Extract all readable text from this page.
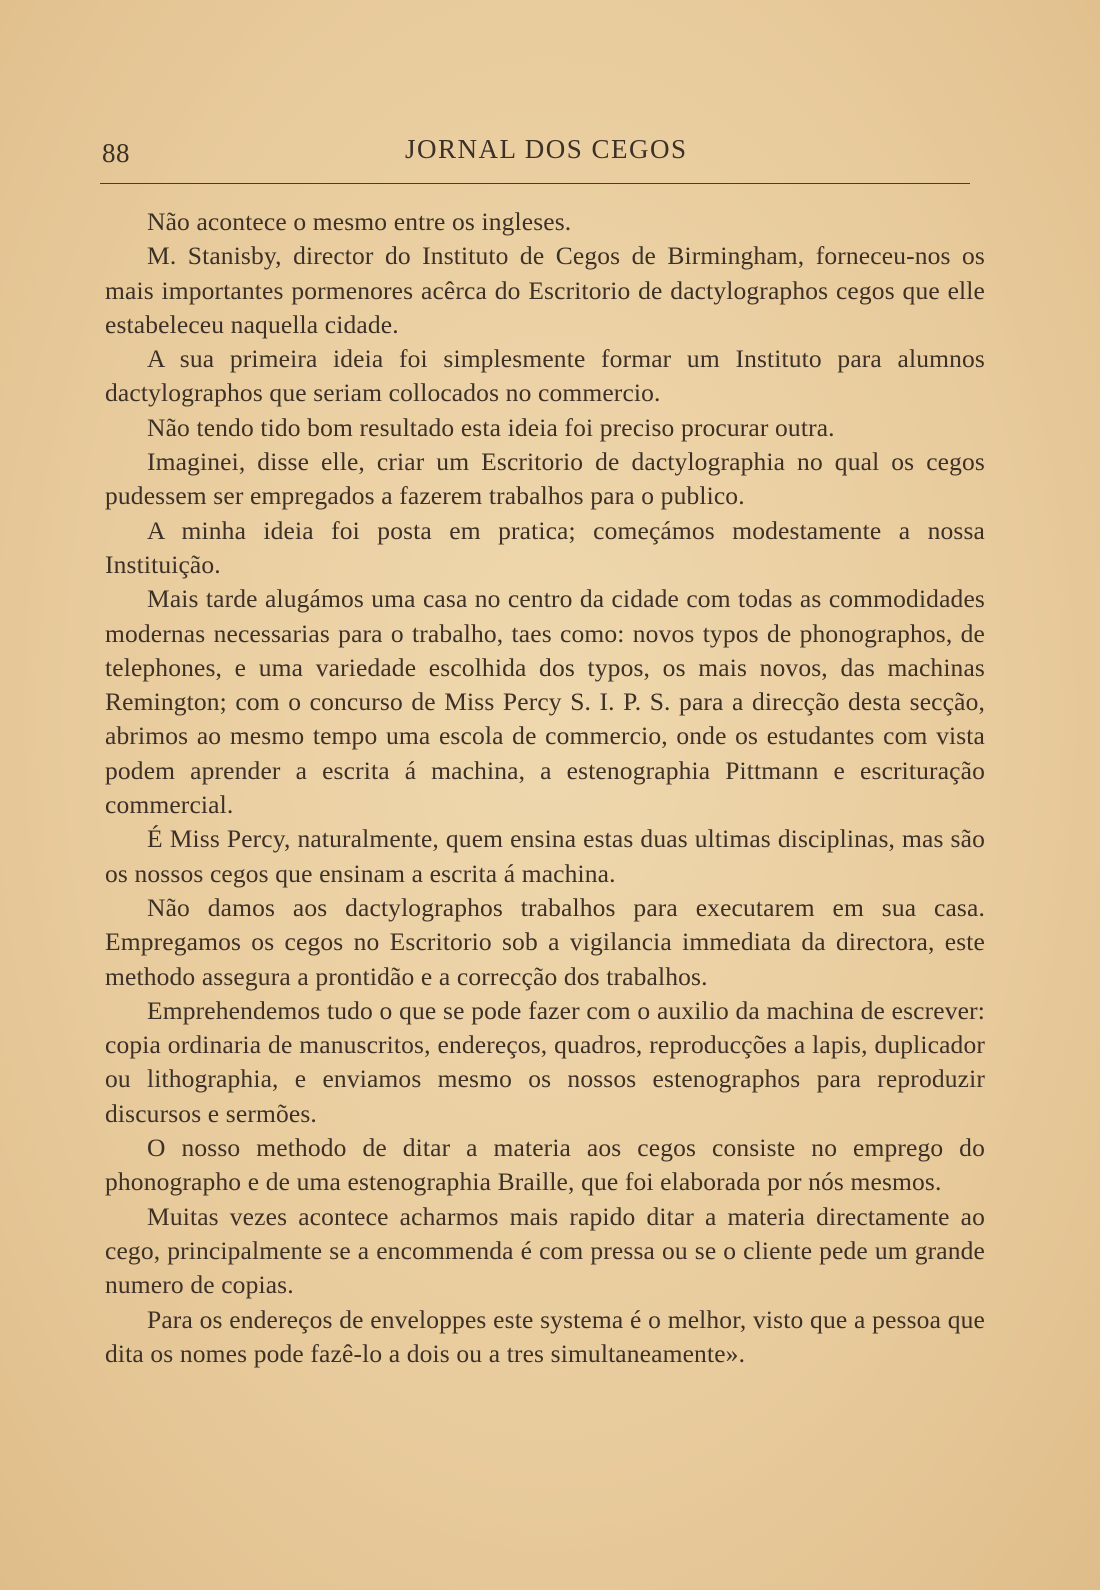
88	JORNAL DOS CEGOS

Não acontece o mesmo entre os ingleses.

M. Stanisby, director do Instituto de Cegos de Birmingham, forneceu-nos os mais importantes pormenores acêrca do Escritorio de dactylographos cegos que elle estabeleceu naquella cidade.

A sua primeira ideia foi simplesmente formar um Instituto para alumnos dactylographos que seriam collocados no commercio.

Não tendo tido bom resultado esta ideia foi preciso procurar outra.

Imaginei, disse elle, criar um Escritorio de dactylographia no qual os cegos pudessem ser empregados a fazerem trabalhos para o publico.

A minha ideia foi posta em pratica; começámos modestamente a nossa Instituição.

Mais tarde alugámos uma casa no centro da cidade com todas as commodidades modernas necessarias para o trabalho, taes como: novos typos de phonographos, de telephones, e uma variedade escolhida dos typos, os mais novos, das machinas Remington; com o concurso de Miss Percy S. I. P. S. para a direcção desta secção, abrimos ao mesmo tempo uma escola de commercio, onde os estudantes com vista podem aprender a escrita á machina, a estenographia Pittmann e escrituração commercial.

É Miss Percy, naturalmente, quem ensina estas duas ultimas disciplinas, mas são os nossos cegos que ensinam a escrita á machina.

Não damos aos dactylographos trabalhos para executarem em sua casa. Empregamos os cegos no Escritorio sob a vigilancia immediata da directora, este methodo assegura a prontidão e a correcção dos trabalhos.

Emprehendemos tudo o que se pode fazer com o auxilio da machina de escrever: copia ordinaria de manuscritos, endereços, quadros, reproducções a lapis, duplicador ou lithographia, e enviamos mesmo os nossos estenographos para reproduzir discursos e sermões.

O nosso methodo de ditar a materia aos cegos consiste no emprego do phonographo e de uma estenographia Braille, que foi elaborada por nós mesmos.

Muitas vezes acontece acharmos mais rapido ditar a materia directamente ao cego, principalmente se a encommenda é com pressa ou se o cliente pede um grande numero de copias.

Para os endereços de enveloppes este systema é o melhor, visto que a pessoa que dita os nomes pode fazê-lo a dois ou a tres simultaneamente».
